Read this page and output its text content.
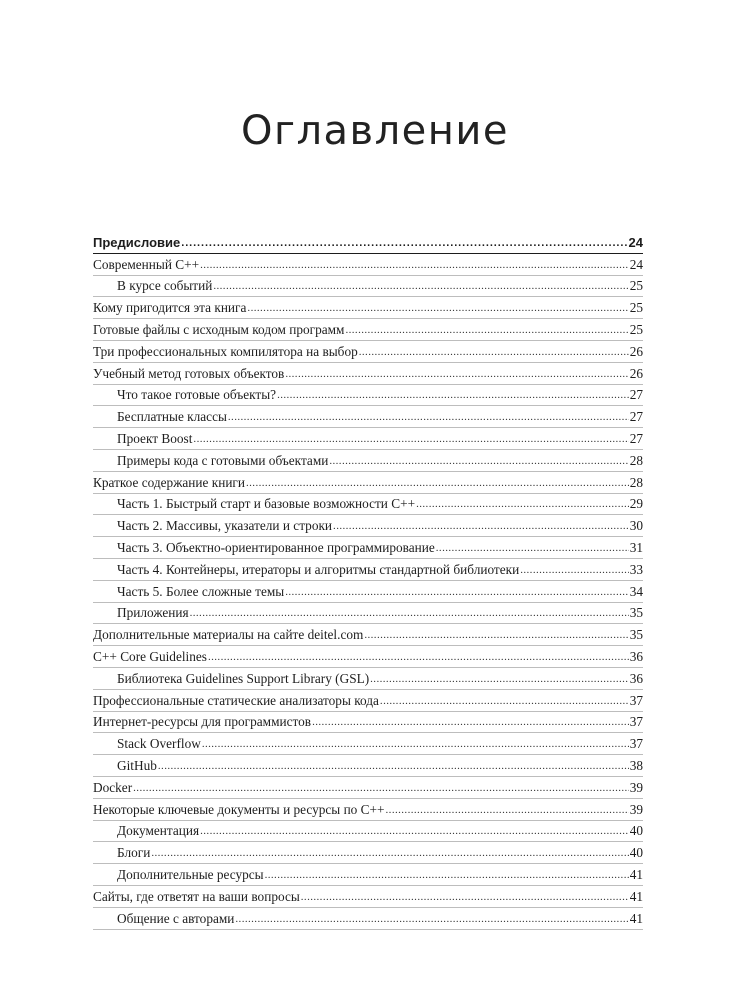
Оглавление
Предисловие .....	24
Современный C++ .....	24
В курсе событий .....	25
Кому пригодится эта книга .....	25
Готовые файлы с исходным кодом программ .....	25
Три профессиональных компилятора на выбор .....	26
Учебный метод готовых объектов .....	26
Что такое готовые объекты? .....	27
Бесплатные классы .....	27
Проект Boost .....	27
Примеры кода с готовыми объектами .....	28
Краткое содержание книги .....	28
Часть 1. Быстрый старт и базовые возможности C++ .....	29
Часть 2. Массивы, указатели и строки .....	30
Часть 3. Объектно-ориентированное программирование .....	31
Часть 4. Контейнеры, итераторы и алгоритмы стандартной библиотеки .....	33
Часть 5. Более сложные темы .....	34
Приложения .....	35
Дополнительные материалы на сайте deitel.com .....	35
C++ Core Guidelines .....	36
Библиотека Guidelines Support Library (GSL) .....	36
Профессиональные статические анализаторы кода .....	37
Интернет-ресурсы для программистов .....	37
Stack Overflow .....	37
GitHub .....	38
Docker .....	39
Некоторые ключевые документы и ресурсы по C++ .....	39
Документация .....	40
Блоги .....	40
Дополнительные ресурсы .....	41
Сайты, где ответят на ваши вопросы .....	41
Общение с авторами .....	41
